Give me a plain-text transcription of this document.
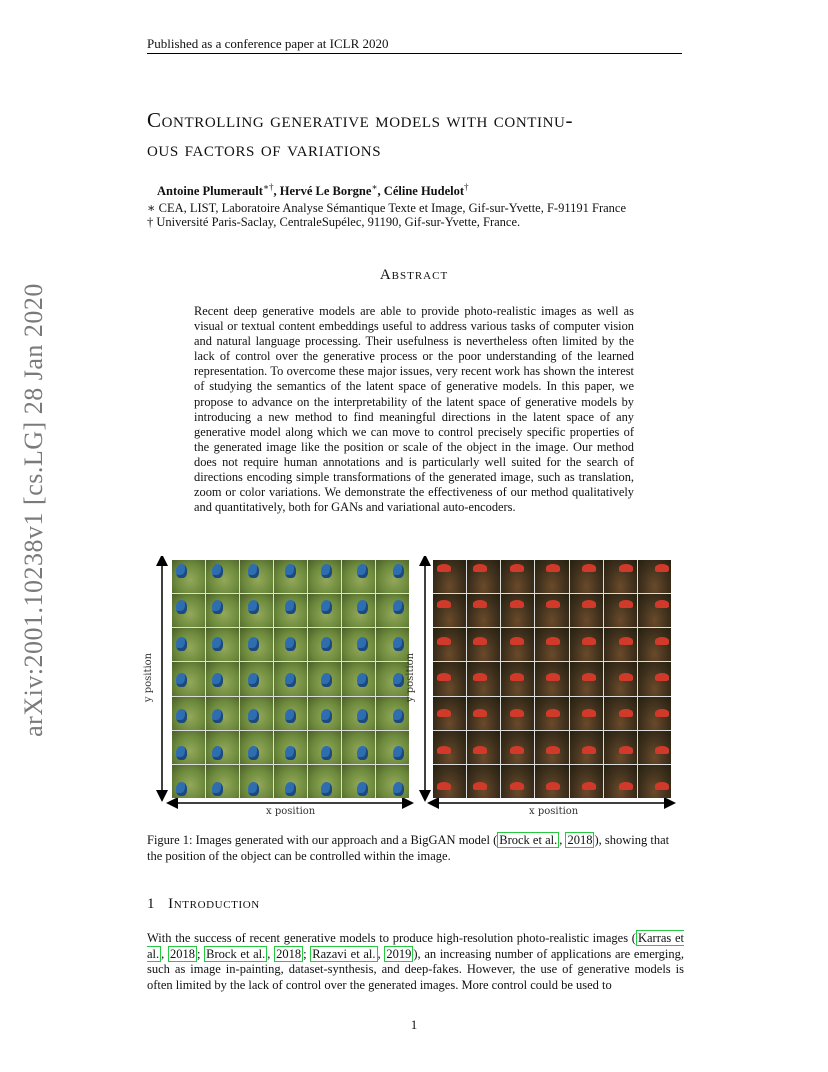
Published as a conference paper at ICLR 2020
arXiv:2001.10238v1 [cs.LG] 28 Jan 2020
Controlling generative models with continu-
ous factors of variations
Antoine Plumerault∗†, Hervé Le Borgne∗, Céline Hudelot†
∗ CEA, LIST, Laboratoire Analyse Sémantique Texte et Image, Gif-sur-Yvette, F-91191 France
† Université Paris-Saclay, CentraleSupélec, 91190, Gif-sur-Yvette, France.
Abstract
Recent deep generative models are able to provide photo-realistic images as well as visual or textual content embeddings useful to address various tasks of computer vision and natural language processing. Their usefulness is nevertheless often limited by the lack of control over the generative process or the poor understanding of the learned representation. To overcome these major issues, very recent work has shown the interest of studying the semantics of the latent space of generative models. In this paper, we propose to advance on the interpretability of the latent space of generative models by introducing a new method to find meaningful directions in the latent space of any generative model along which we can move to control precisely specific properties of the generated image like the position or scale of the object in the image. Our method does not require human annotations and is particularly well suited for the search of directions encoding simple transformations of the generated image, such as translation, zoom or color variations. We demonstrate the effectiveness of our method qualitatively and quantitatively, both for GANs and variational auto-encoders.
y position
x position
y position
x position
Figure 1: Images generated with our approach and a BigGAN model ( Brock et al. , 2018 ), showing that the position of the object can be controlled within the image.
1 Introduction
With the success of recent generative models to produce high-resolution photo-realistic images ( Karras et al. , 2018 ; Brock et al. , 2018 ; Razavi et al. , 2019 ), an increasing number of applications are emerging, such as image in-painting, dataset-synthesis, and deep-fakes. However, the use of generative models is often limited by the lack of control over the generated images. More control could be used to
1
